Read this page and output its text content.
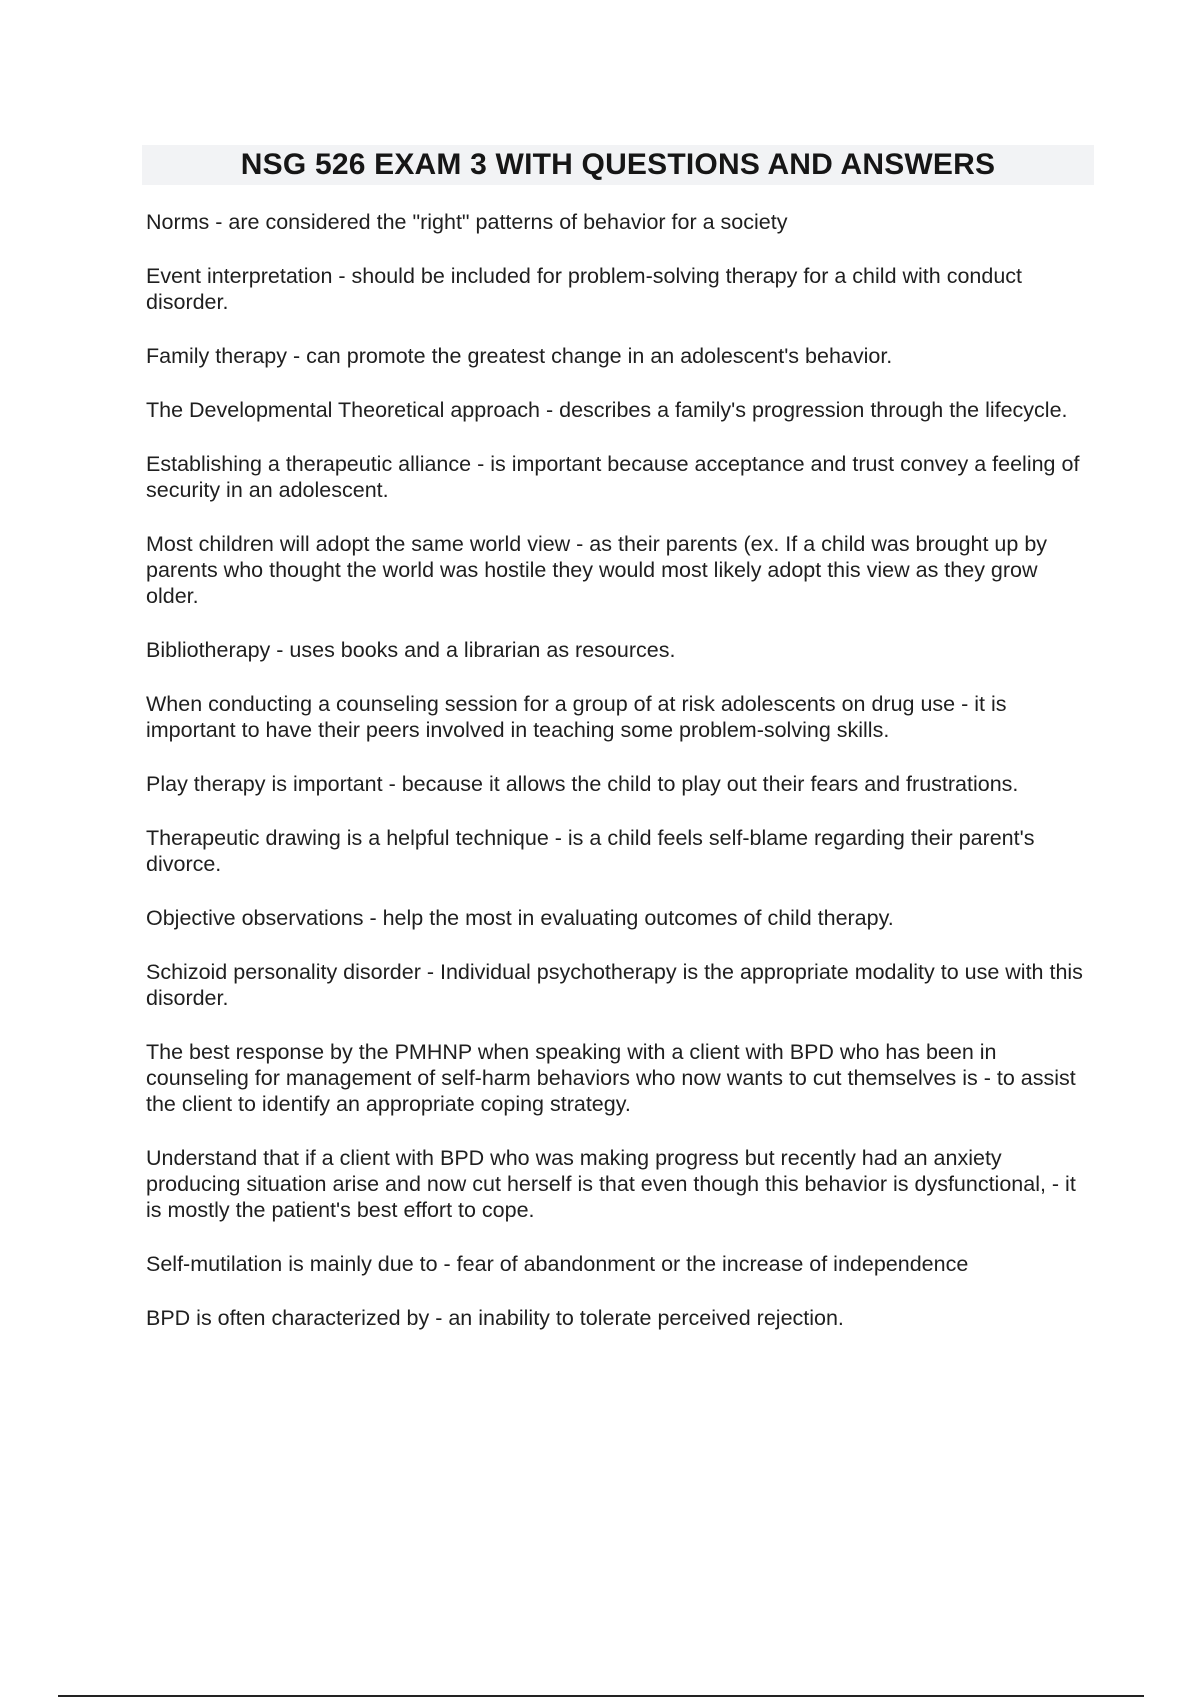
NSG 526 EXAM 3 WITH QUESTIONS AND ANSWERS

Norms - are considered the "right" patterns of behavior for a society

Event interpretation - should be included for problem-solving therapy for a child with conduct disorder.

Family therapy - can promote the greatest change in an adolescent's behavior.

The Developmental Theoretical approach - describes a family's progression through the lifecycle.

Establishing a therapeutic alliance - is important because acceptance and trust convey a feeling of security in an adolescent.

Most children will adopt the same world view - as their parents (ex. If a child was brought up by parents who thought the world was hostile they would most likely adopt this view as they grow older.

Bibliotherapy - uses books and a librarian as resources.

When conducting a counseling session for a group of at risk adolescents on drug use - it is important to have their peers involved in teaching some problem-solving skills.

Play therapy is important - because it allows the child to play out their fears and frustrations.

Therapeutic drawing is a helpful technique - is a child feels self-blame regarding their parent's divorce.

Objective observations - help the most in evaluating outcomes of child therapy.

Schizoid personality disorder - Individual psychotherapy is the appropriate modality to use with this disorder.

The best response by the PMHNP when speaking with a client with BPD who has been in counseling for management of self-harm behaviors who now wants to cut themselves is - to assist the client to identify an appropriate coping strategy.

Understand that if a client with BPD who was making progress but recently had an anxiety producing situation arise and now cut herself is that even though this behavior is dysfunctional, - it is mostly the patient's best effort to cope.

Self-mutilation is mainly due to - fear of abandonment or the increase of independence

BPD is often characterized by - an inability to tolerate perceived rejection.
